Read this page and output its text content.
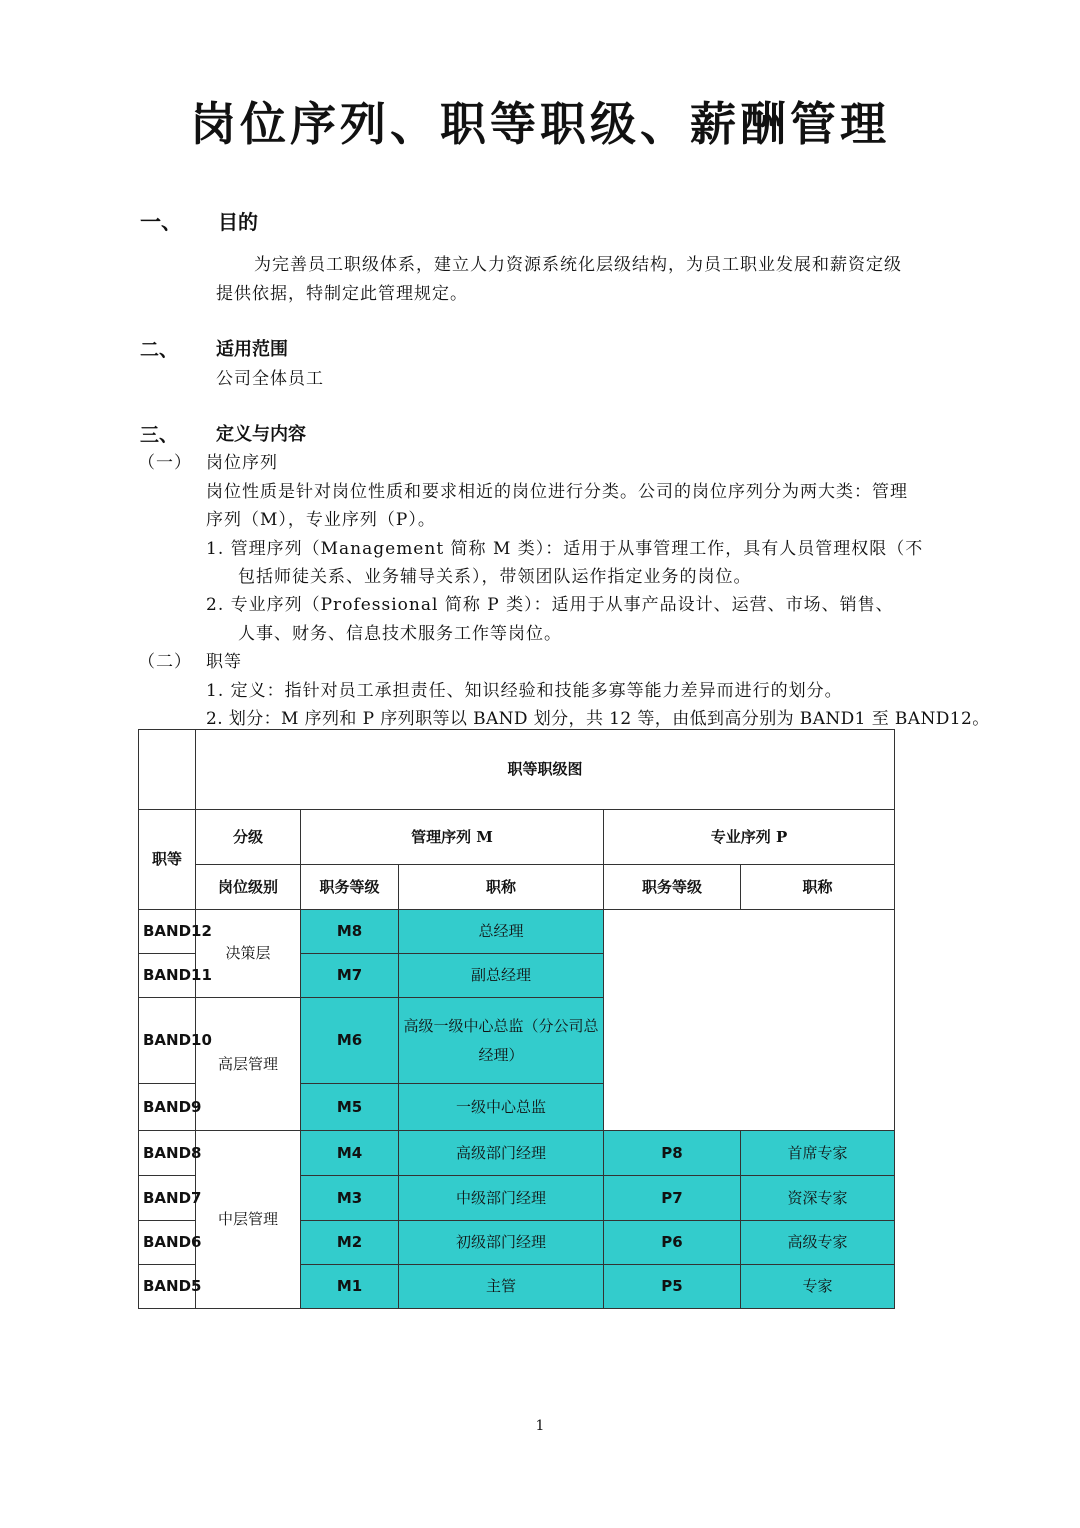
岗位序列、职等职级、薪酬管理
一、 目的
为完善员工职级体系，建立人力资源系统化层级结构，为员工职业发展和薪资定级
提供依据，特制定此管理规定。
二、 适用范围
公司全体员工
三、 定义与内容
（一） 岗位序列
岗位性质是针对岗位性质和要求相近的岗位进行分类。公司的岗位序列分为两大类：管理
序列（M），专业序列（P）。
1. 管理序列（Management 简称 M 类）：适用于从事管理工作，具有人员管理权限（不
包括师徒关系、业务辅导关系），带领团队运作指定业务的岗位。
2. 专业序列（Professional 简称 P 类）：适用于从事产品设计、运营、市场、销售、
人事、财务、信息技术服务工作等岗位。
（二） 职等
1. 定义：指针对员工承担责任、知识经验和技能多寡等能力差异而进行的划分。
2. 划分：M 序列和 P 序列职等以 BAND 划分，共 12 等，由低到高分别为 BAND1 至 BAND12。
	职等职级图				
职等	分级	管理序列 M		专业序列 P	
	岗位级别	职务等级	职称	职务等级	职称
BAND12	决策层	M8	总经理		
BAND11		M7	副总经理		
BAND10	高层管理	M6	高级一级中心总监（分公司总经理）		
BAND9		M5	一级中心总监		
BAND8	中层管理	M4	高级部门经理	P8	首席专家
BAND7		M3	中级部门经理	P7	资深专家
BAND6		M2	初级部门经理	P6	高级专家
BAND5		M1	主管	P5	专家
1
